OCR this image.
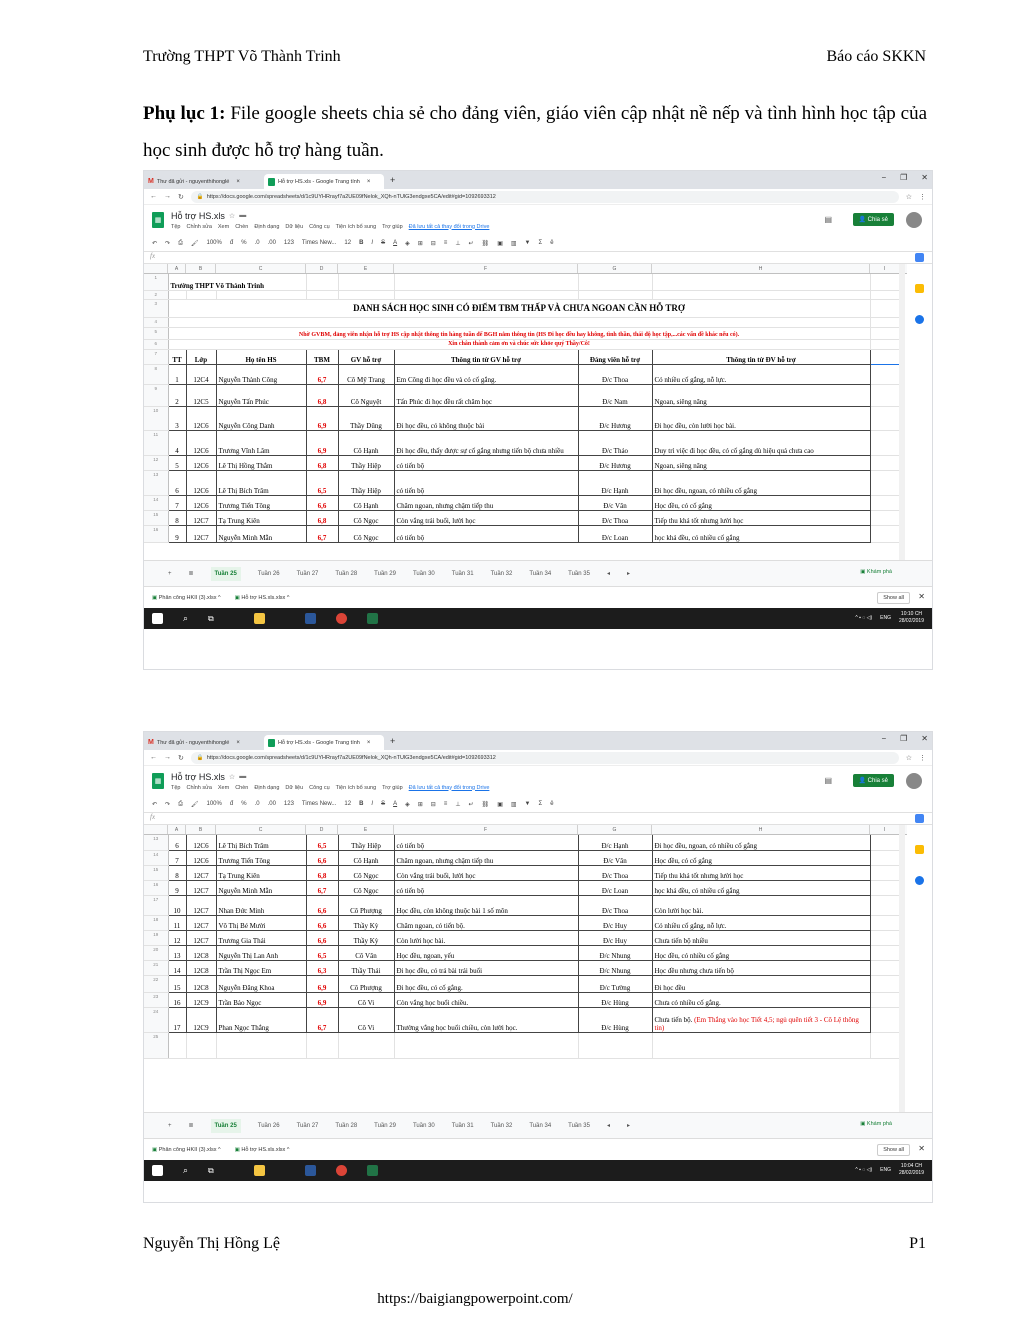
Trường THPT Võ Thành Trinh	Báo cáo SKKN
Phụ lục 1: File google sheets chia sẻ cho đảng viên, giáo viên cập nhật nề nếp và tình hình học tập của học sinh được hỗ trợ hàng tuần.
M Thư đã gửi - nguyenthihonglé ×	Hỗ trợ HS.xls - Google Trang tính ×	+	− ❐ ✕
← → ↻ 🔒 https://docs.google.com/spreadsheets/d/1c9UYHRrayf7a2UE09fNelok_XQh-nTUlG3endgxe5CA/edit#gid=1092693312	☆ ⋮
▦ Hỗ trợ HS.xls ☆ ▬
Tệp Chỉnh sửa Xem Chèn Định dạng Dữ liệu Công cụ Tiện ích bổ sung Trợ giúp Đã lưu tất cả thay đổi trong Drive
▤	👤 Chia sẻ
↶ ↷ ⎙ 🖌 100% đ % .0 .00 123 Times New... 12 B I S A ◈ ⊞ ⊟ ≡ ⊥ ↵ ⛓ ▣ ▥ ▼ Σ ê
fx
A	B	C	D	E	F	G	H	I
1	Trường THPT Võ Thành Trinh								
2									
3	DANH SÁCH HỌC SINH CÓ ĐIỂM TBM THẤP VÀ CHƯA NGOAN CẦN HỖ TRỢ								
4									
5	Nhờ GVBM, đảng viên nhận hỗ trợ HS cập nhật thông tin hàng tuần để BGH nắm thông tin (HS Đi học đều hay không, tình thần, thái độ học tập,...các vấn đề khác nếu có).								
6	Xin chân thành cảm ơn và chúc sức khỏe quý Thầy/Cô!								
7	TT	Lớp	Họ tên HS	TBM	GV hỗ trợ	Thông tin từ GV hỗ trợ	Đảng viên hỗ trợ	Thông tin từ ĐV hỗ trợ	
8	1	12C4	Nguyễn Thành Công	6,7	Cô Mỹ Trang	Em Công đi học đều và có cố gắng.	Đ/c Thoa	Có nhiều cố gắng, nỗ lực.	
9	2	12C5	Nguyễn Tấn Phúc	6,8	Cô Nguyệt	Tấn Phúc đi học đều rất chăm học	Đ/c Nam	Ngoan, siêng năng	
10	3	12C6	Nguyễn Công Danh	6,9	Thầy Dũng	Đi học đều, có không thuộc bài	Đ/c Hương	Đi học đều, còn lười học bài.	
11	4	12C6	Trương Vĩnh Lâm	6,9	Cô Hạnh	Đi học đều, thấy được sự cố gắng nhưng tiến bộ chưa nhiều	Đ/c Thảo	Duy trì việc đi học đều, có cố gắng dù hiệu quả chưa cao	
12	5	12C6	Lê Thị Hồng Thắm	6,8	Thầy Hiệp	có tiến bộ	Đ/c Hương	Ngoan, siêng năng	
13	6	12C6	Lê Thị Bích Trâm	6,5	Thầy Hiệp	có tiến bộ	Đ/c Hạnh	Đi học đều, ngoan, có nhiều cố gắng	
14	7	12C6	Trương Tiến Tông	6,6	Cô Hạnh	Chăm ngoan, nhưng chậm tiếp thu	Đ/c Vân	Học đều, có cố gắng	
15	8	12C7	Tạ Trung Kiên	6,8	Cô Ngọc	Còn vắng trái buổi, lười học	Đ/c Thoa	Tiếp thu khá tốt nhưng lười học	
16	9	12C7	Nguyễn Minh Mẫn	6,7	Cô Ngọc	có tiến bộ	Đ/c Loan	học khá đều, có nhiều cố gắng	
+	≣	Tuần 25	Tuần 26	Tuần 27	Tuần 28	Tuần 29	Tuần 30	Tuần 31	Tuần 32	Tuần 34	Tuần 35	◂	▸	▣ Khám phá
▣ Phân công HKII (3).xlsx ^	▣ Hỗ trợ HS.xls.xlsx ^	Show all	✕
⌕	⧉	^ ▪ ◌ ◁) ENG
10:10 CH
28/02/2019
M Thư đã gửi - nguyenthihonglé ×	Hỗ trợ HS.xls - Google Trang tính ×	+	− ❐ ✕
← → ↻ 🔒 https://docs.google.com/spreadsheets/d/1c9UYHRrayf7a2UE09fNelok_XQh-nTUlG3endgxe5CA/edit#gid=1092693312	☆ ⋮
▦ Hỗ trợ HS.xls ☆ ▬
Tệp Chỉnh sửa Xem Chèn Định dạng Dữ liệu Công cụ Tiện ích bổ sung Trợ giúp Đã lưu tất cả thay đổi trong Drive
▤	👤 Chia sẻ
↶ ↷ ⎙ 🖌 100% đ % .0 .00 123 Times New... 12 B I S A ◈ ⊞ ⊟ ≡ ⊥ ↵ ⛓ ▣ ▥ ▼ Σ ê
fx
A	B	C	D	E	F	G	H	I
13	6	12C6	Lê Thị Bích Trâm	6,5	Thầy Hiệp	có tiến bộ	Đ/c Hạnh	Đi học đều, ngoan, có nhiều cố gắng	
14	7	12C6	Trương Tiến Tông	6,6	Cô Hạnh	Chăm ngoan, nhưng chậm tiếp thu	Đ/c Vân	Học đều, có cố gắng	
15	8	12C7	Tạ Trung Kiên	6,8	Cô Ngọc	Còn vắng trái buổi, lười học	Đ/c Thoa	Tiếp thu khá tốt nhưng lười học	
16	9	12C7	Nguyễn Minh Mẫn	6,7	Cô Ngọc	có tiến bộ	Đ/c Loan	học khá đều, có nhiều cố gắng	
17	10	12C7	Nhan Đức Minh	6,6	Cô Phượng	Học đều, còn không thuộc bài 1 số môn	Đ/c Thoa	Còn lười học bài.	
18	11	12C7	Võ Thị Bé Mười	6,6	Thầy Kỳ	Chăm ngoan, có tiến bộ.	Đ/c Huy	Có nhiều cố gắng, nỗ lực.	
19	12	12C7	Trương Gia Thái	6,6	Thầy Kỳ	Còn lười học bài.	Đ/c Huy	Chưa tiến bộ nhiều	
20	13	12C8	Nguyễn Thị Lan Anh	6,5	Cô Vân	Học đều, ngoan, yếu	Đ/c Nhung	Học đều, có nhiều cố gắng	
21	14	12C8	Trần Thị Ngọc Em	6,3	Thầy Thái	Đi học đều, có trả bài trái buổi	Đ/c Nhung	Học đều nhưng chưa tiến bộ	
22	15	12C8	Nguyễn Đăng Khoa	6,9	Cô Phượng	Đi học đều, có cố gắng.	Đ/c Tường	Đi học đều	
23	16	12C9	Trần Bảo Ngọc	6,9	Cô Vi	Còn vắng học buổi chiều.	Đ/c Hùng	Chưa có nhiều cố gắng.	
24	17	12C9	Phan Ngọc Thắng	6,7	Cô Vi	Thường vắng học buổi chiều, còn lười học.	Đ/c Hùng	Chưa tiến bộ. (Em Thắng vào học Tiết 4,5; ngủ quên tiết 3 - Cô Lệ thông tin)	
25									
+	≣	Tuần 25	Tuần 26	Tuần 27	Tuần 28	Tuần 29	Tuần 30	Tuần 31	Tuần 32	Tuần 34	Tuần 35	◂	▸	▣ Khám phá
▣ Phân công HKII (3).xlsx ^	▣ Hỗ trợ HS.xls.xlsx ^	Show all	✕
⌕	⧉	^ ▪ ◌ ◁) ENG
10:04 CH
28/02/2019
Nguyễn Thị Hồng Lệ	P1
https://baigiangpowerpoint.com/
